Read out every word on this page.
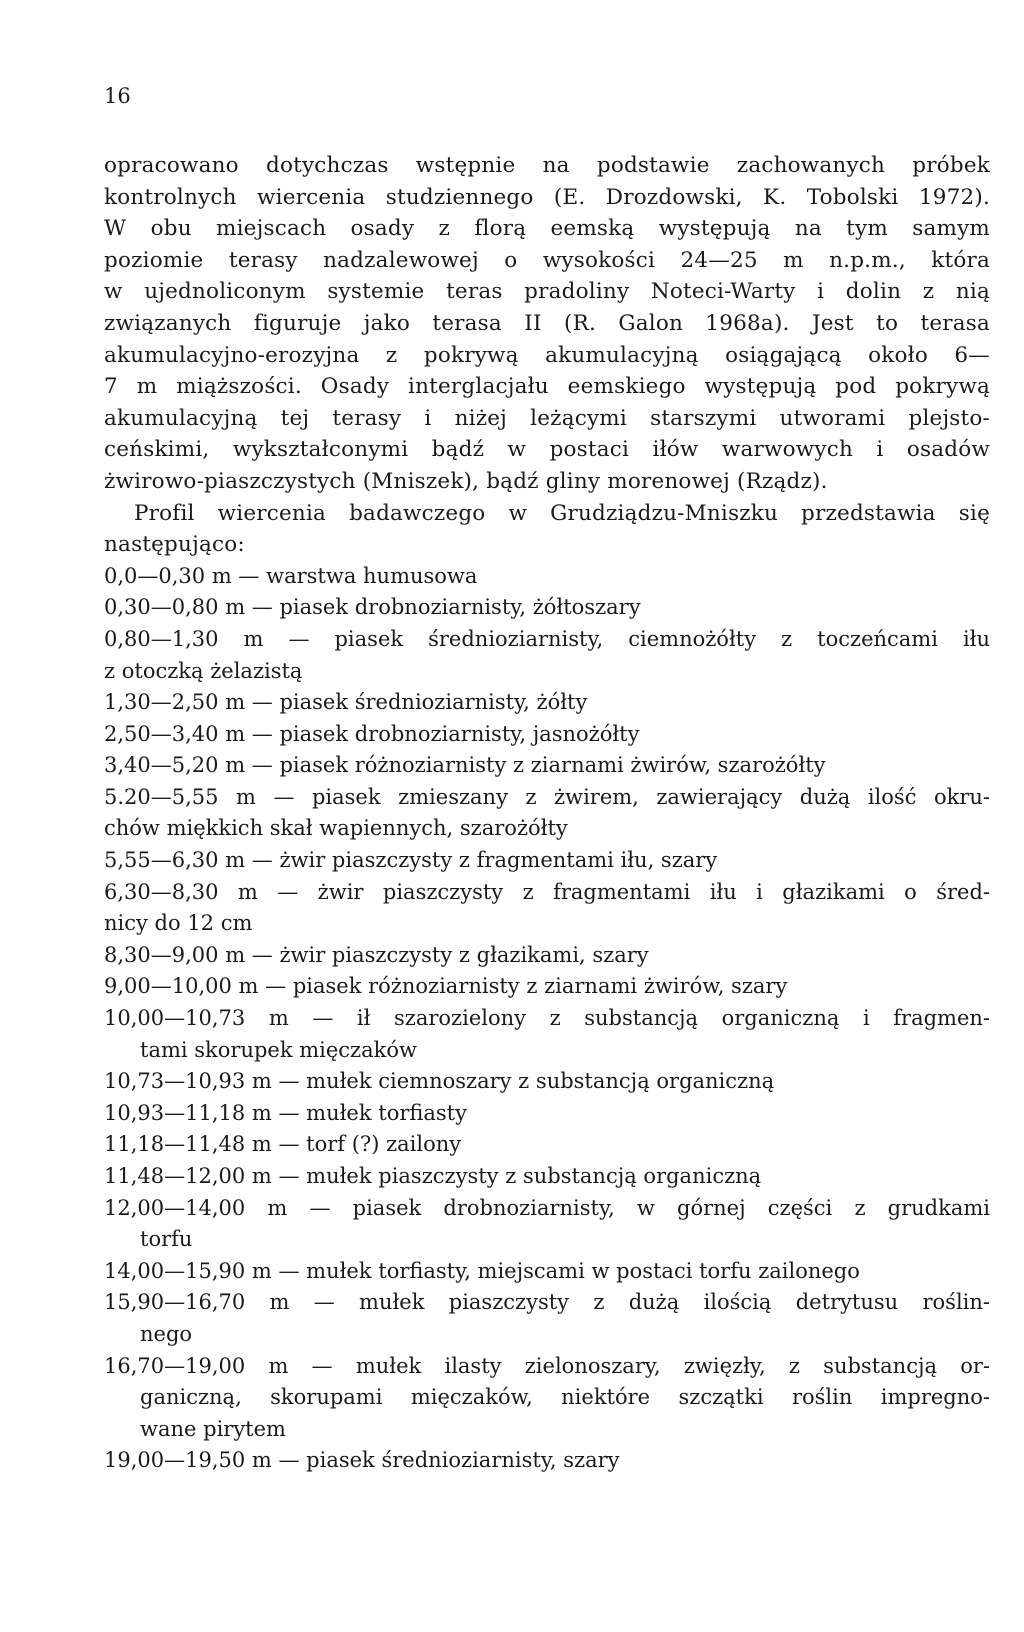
16

opracowano dotychczas wstępnie na podstawie zachowanych próbek
kontrolnych wiercenia studziennego (E. Drozdowski, K. Tobolski 1972).
W obu miejscach osady z florą eemską występują na tym samym
poziomie terasy nadzalewowej o wysokości 24—25 m n.p.m., która
w ujednoliconym systemie teras pradoliny Noteci-Warty i dolin z nią
związanych figuruje jako terasa II (R. Galon 1968a). Jest to terasa
akumulacyjno-erozyjna z pokrywą akumulacyjną osiągającą około 6—
7 m miąższości. Osady interglacjału eemskiego występują pod pokrywą
akumulacyjną tej terasy i niżej leżącymi starszymi utworami plejsto-
ceńskimi, wykształconymi bądź w postaci iłów warwowych i osadów
żwirowo-piaszczystych (Mniszek), bądź gliny morenowej (Rządz).

Profil wiercenia badawczego w Grudziądzu-Mniszku przedstawia się
następująco:

0,0—0,30 m — warstwa humusowa
0,30—0,80 m — piasek drobnoziarnisty, żółtoszary
0,80—1,30 m — piasek średnioziarnisty, ciemnożółty z toczeńcami iłu
z otoczką żelazistą
1,30—2,50 m — piasek średnioziarnisty, żółty
2,50—3,40 m — piasek drobnoziarnisty, jasnożółty
3,40—5,20 m — piasek różnoziarnisty z ziarnami żwirów, szarożółty
5.20—5,55 m — piasek zmieszany z żwirem, zawierający dużą ilość okru-
chów miękkich skał wapiennych, szarożółty
5,55—6,30 m — żwir piaszczysty z fragmentami iłu, szary
6,30—8,30 m — żwir piaszczysty z fragmentami iłu i głazikami o śred-
nicy do 12 cm
8,30—9,00 m — żwir piaszczysty z głazikami, szary
9,00—10,00 m — piasek różnoziarnisty z ziarnami żwirów, szary
10,00—10,73 m — ił szarozielony z substancją organiczną i fragmen-
tami skorupek mięczaków
10,73—10,93 m — mułek ciemnoszary z substancją organiczną
10,93—11,18 m — mułek torfiasty
11,18—11,48 m — torf (?) zailony
11,48—12,00 m — mułek piaszczysty z substancją organiczną
12,00—14,00 m — piasek drobnoziarnisty, w górnej części z grudkami
torfu
14,00—15,90 m — mułek torfiasty, miejscami w postaci torfu zailonego
15,90—16,70 m — mułek piaszczysty z dużą ilością detrytusu roślin-
nego
16,70—19,00 m — mułek ilasty zielonoszary, zwięzły, z substancją or-
ganiczną, skorupami mięczaków, niektóre szczątki roślin impregno-
wane pirytem
19,00—19,50 m — piasek średnioziarnisty, szary
